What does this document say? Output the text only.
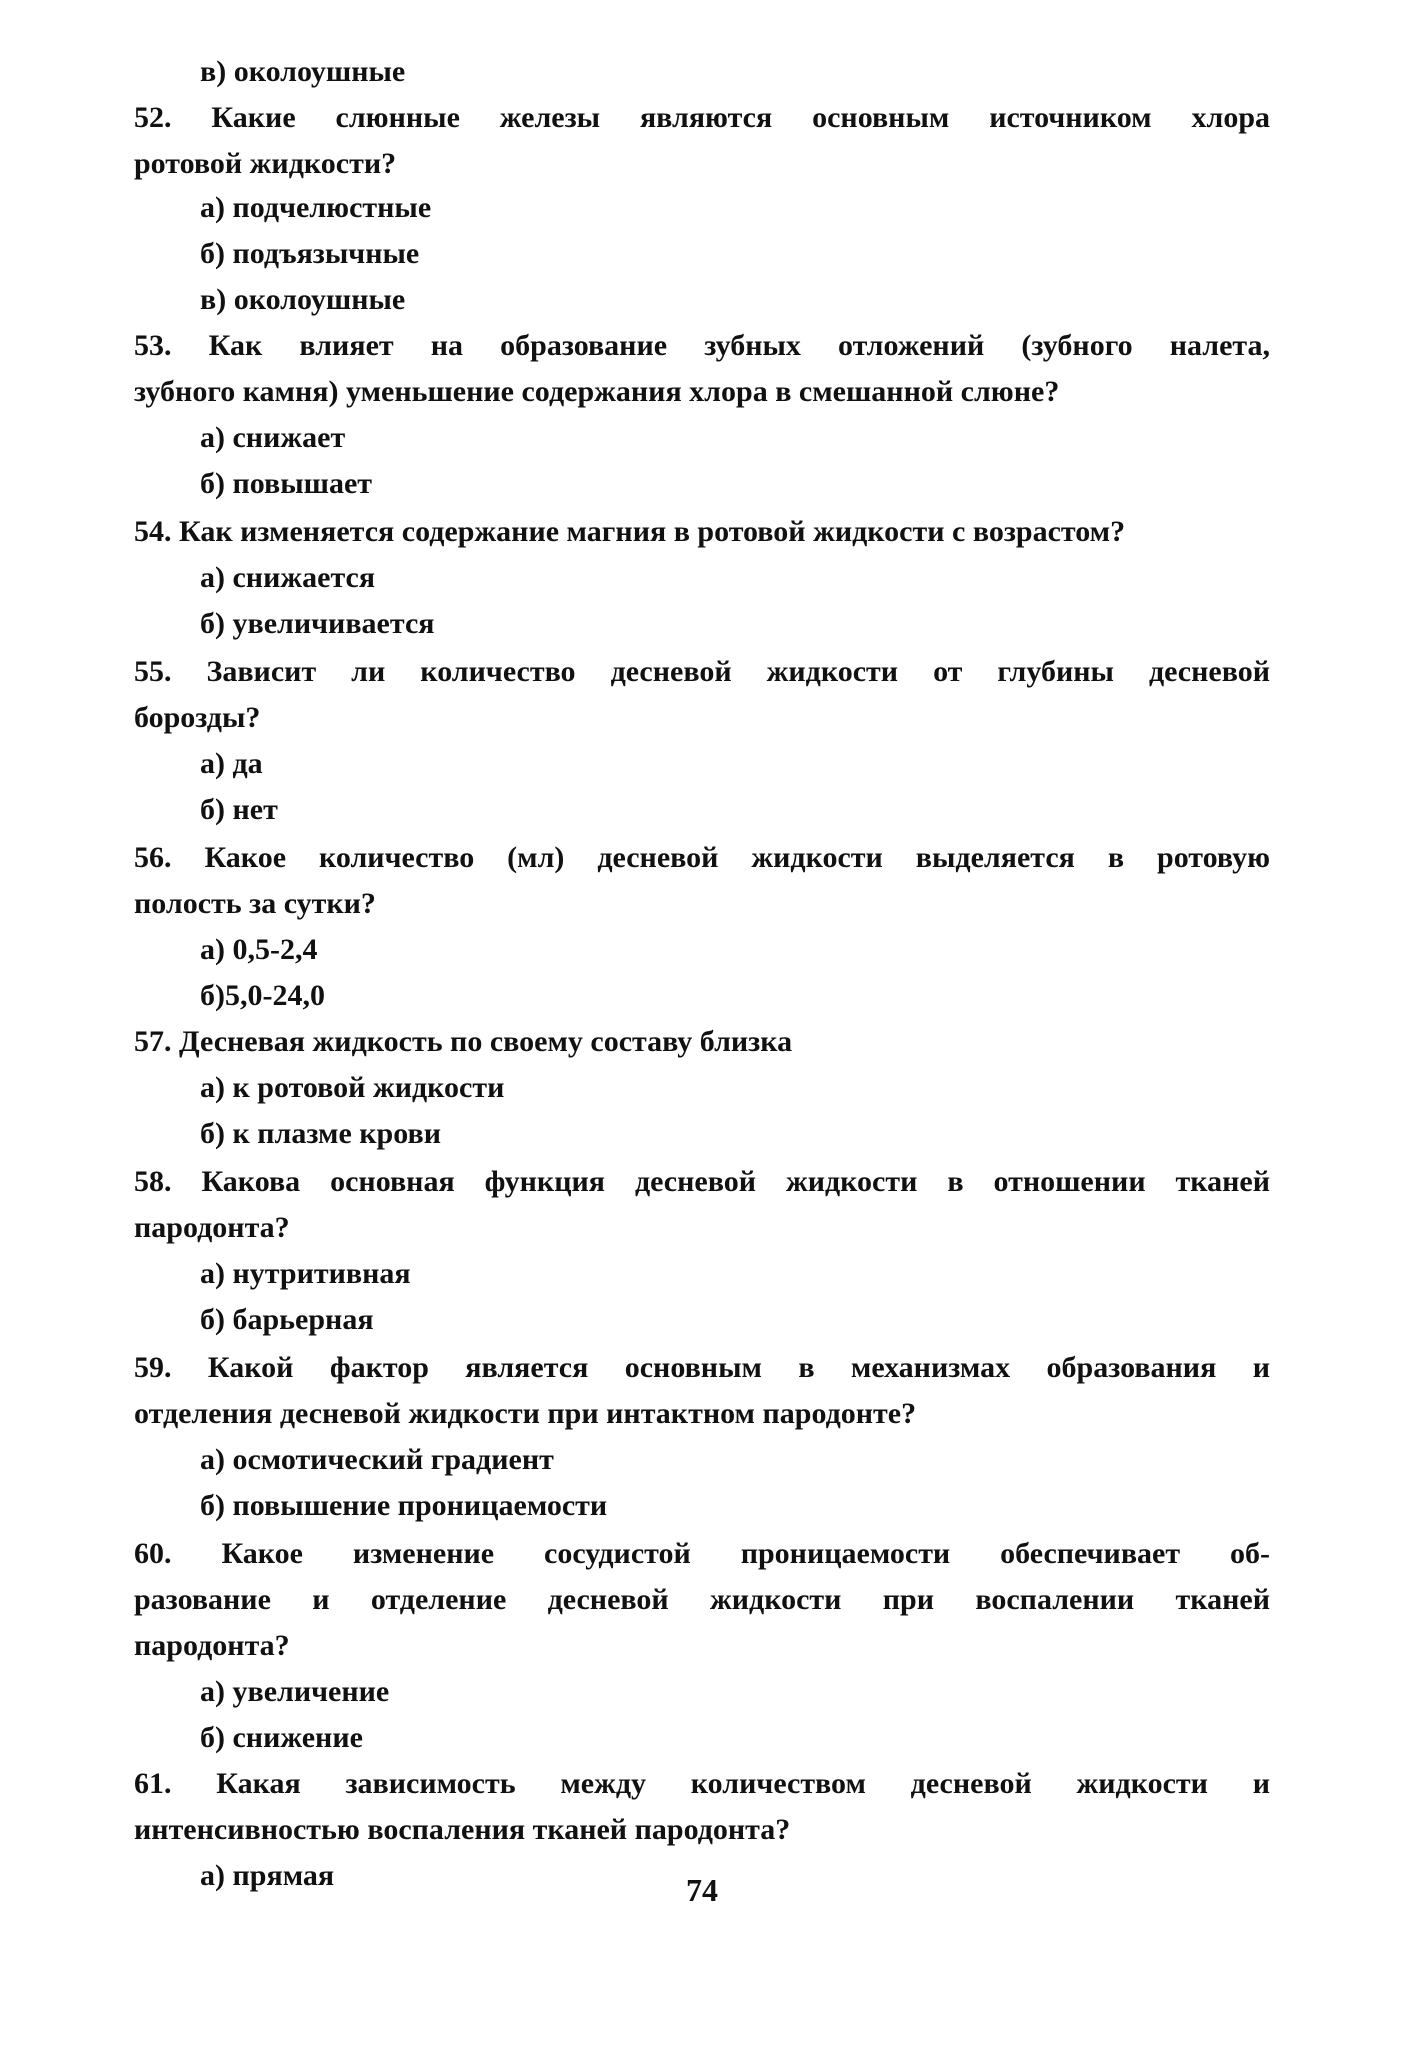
в) околоушные
52. Какие слюнные железы являются основным источником хлора
ротовой жидкости?
а) подчелюстные
б) подъязычные
в) околоушные
53. Как влияет на образование зубных отложений (зубного налета,
зубного камня) уменьшение содержания хлора в смешанной слюне?
а) снижает
б) повышает
54. Как изменяется содержание магния в ротовой жидкости с возрастом?
а) снижается
б) увеличивается
55. Зависит ли количество десневой жидкости от глубины десневой
борозды?
а) да
б) нет
56. Какое количество (мл) десневой жидкости выделяется в ротовую
полость за сутки?
а) 0,5-2,4
б)5,0-24,0
57. Десневая жидкость по своему составу близка
а) к ротовой жидкости
б) к плазме крови
58. Какова основная функция десневой жидкости в отношении тканей
пародонта?
а) нутритивная
б) барьерная
59. Какой фактор является основным в механизмах образования и
отделения десневой жидкости при интактном пародонте?
а) осмотический градиент
б) повышение проницаемости
60. Какое изменение сосудистой проницаемости обеспечивает об-
разование и отделение десневой жидкости при воспалении тканей
пародонта?
а) увеличение
б) снижение
61. Какая зависимость между количеством десневой жидкости и
интенсивностью воспаления тканей пародонта?
а) прямая	74
